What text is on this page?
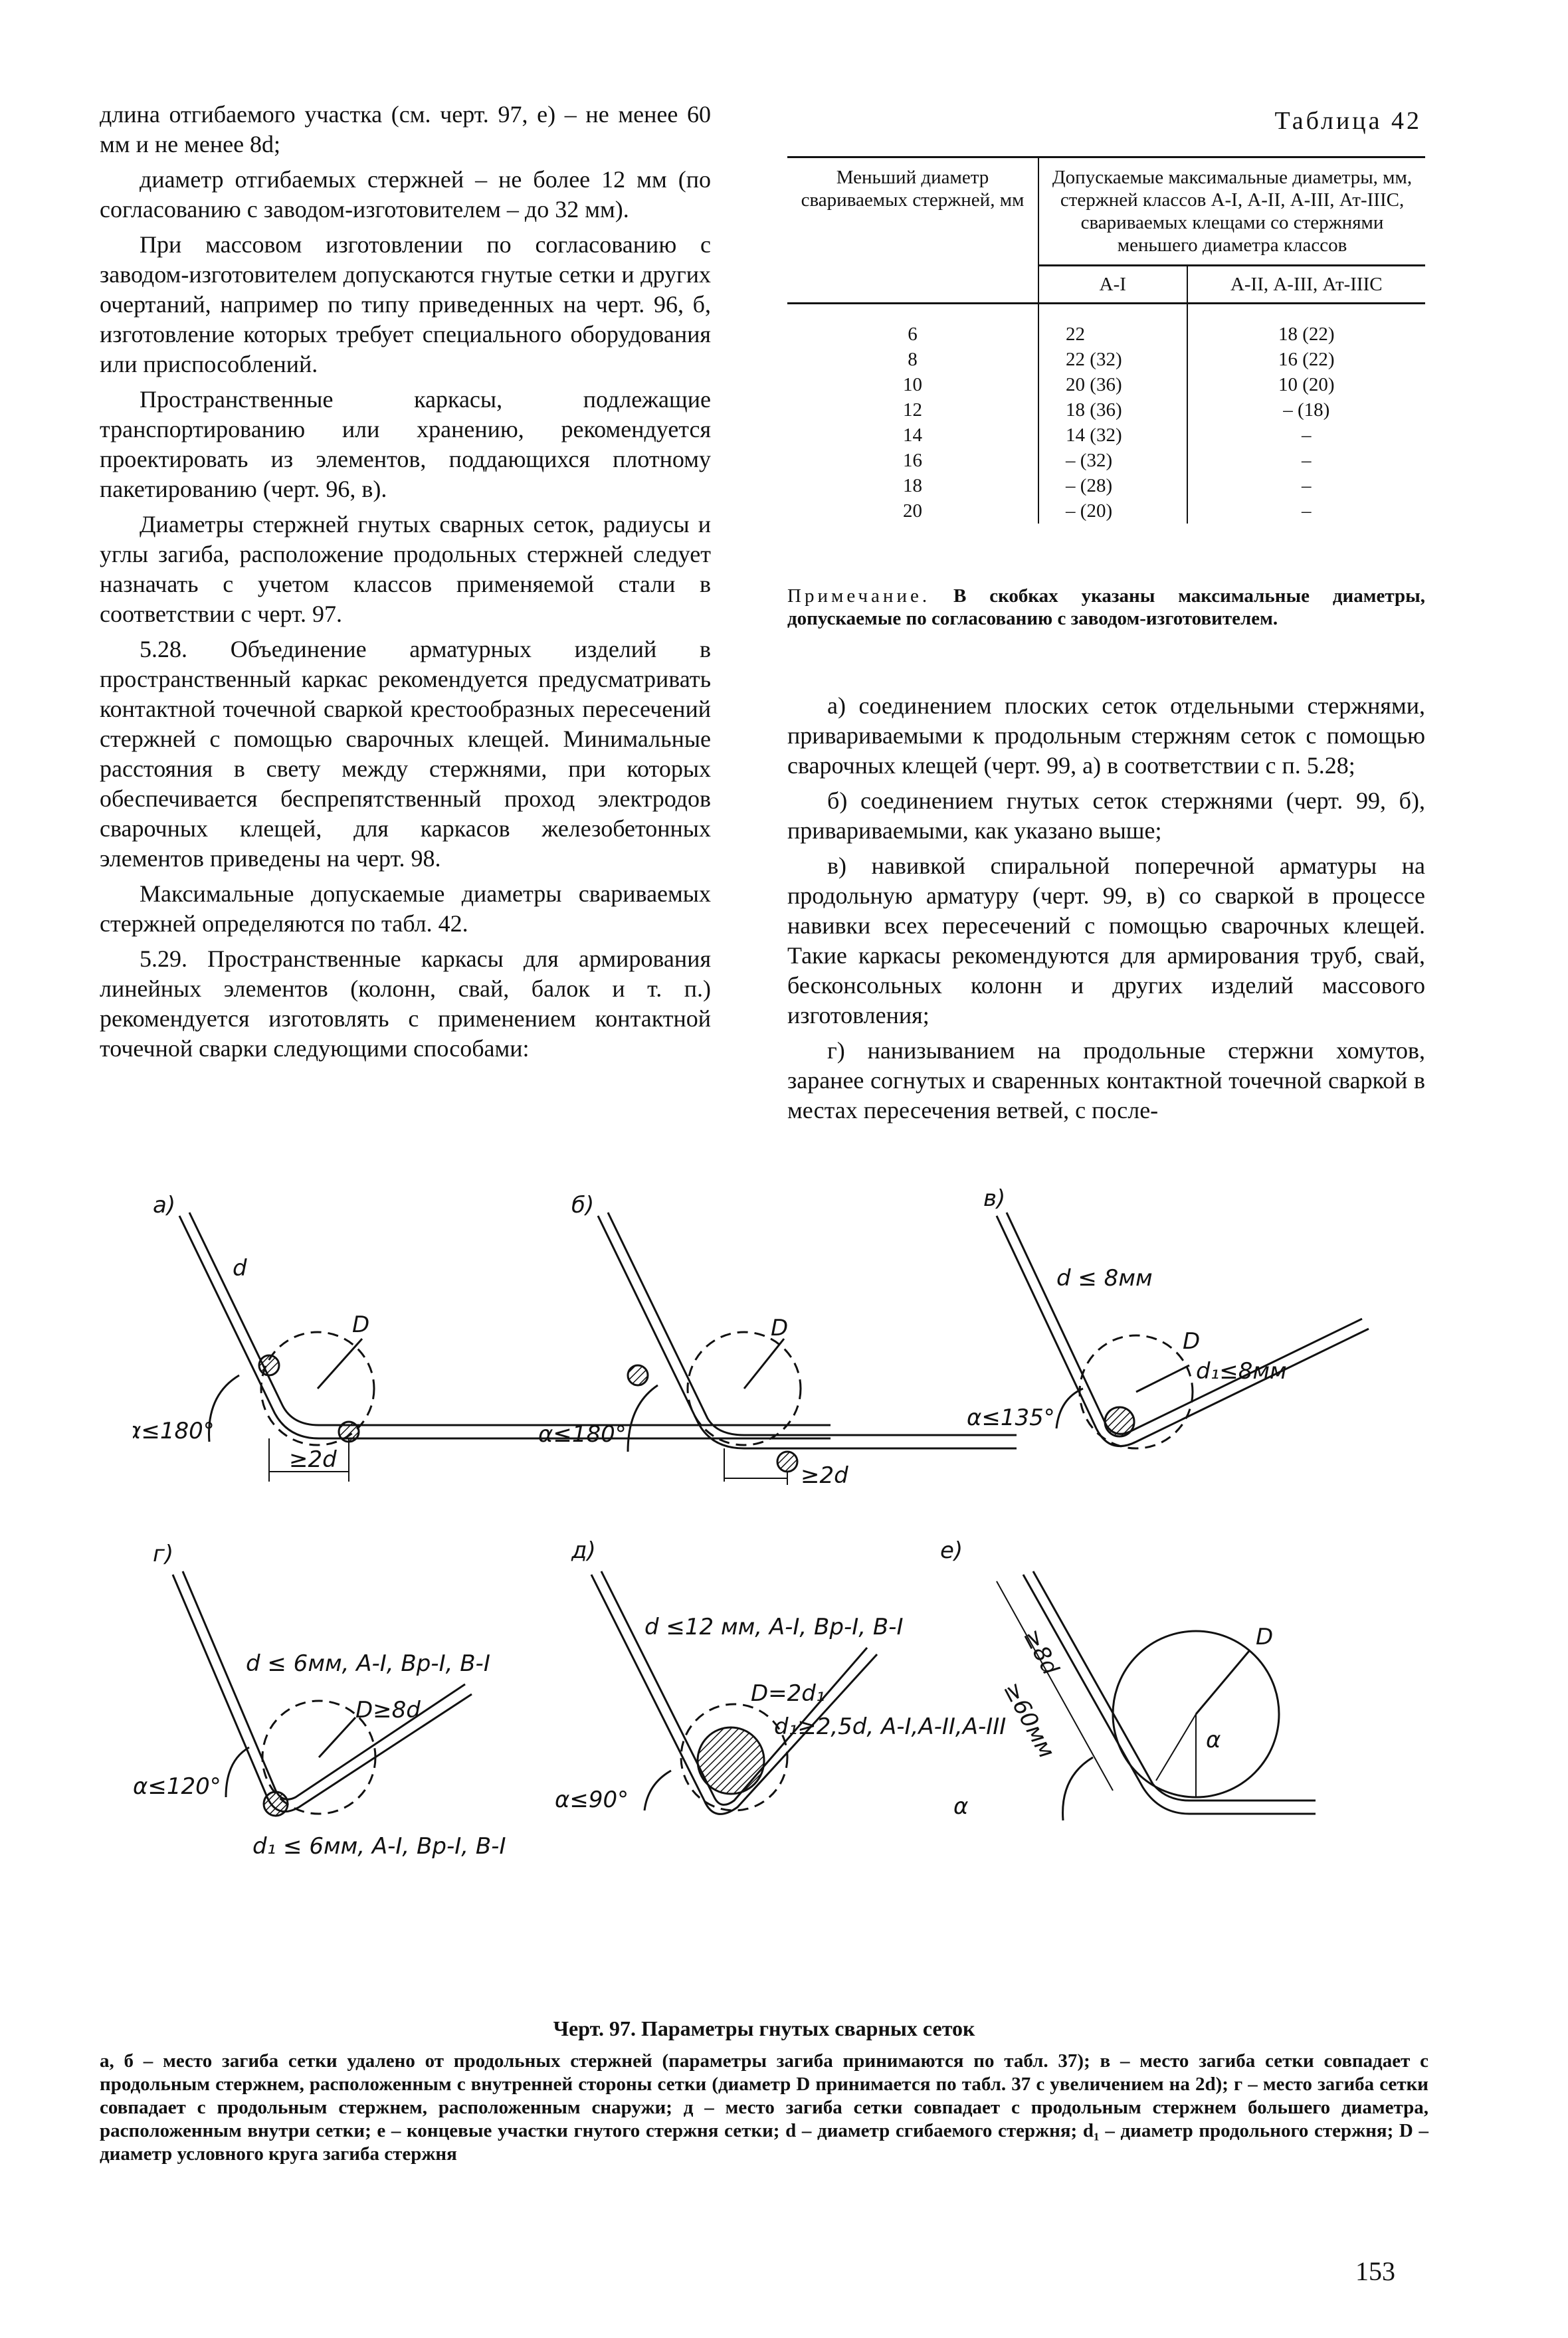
длина отгибаемого участка (см. черт. 97, е) – не менее 60 мм и не менее 8d;

диаметр отгибаемых стержней – не более 12 мм (по согласованию с заводом-изготовителем – до 32 мм).

При массовом изготовлении по согласованию с заводом-изготовителем допускаются гнутые сетки и других очертаний, например по типу приведенных на черт. 96, б, изготовление которых требует специального оборудования или приспособлений.

Пространственные каркасы, подлежащие транспортированию или хранению, рекомендуется проектировать из элементов, поддающихся плотному пакетированию (черт. 96, в).

Диаметры стержней гнутых сварных сеток, радиусы и углы загиба, расположение продольных стержней следует назначать с учетом классов применяемой стали в соответствии с черт. 97.

5.28. Объединение арматурных изделий в пространственный каркас рекомендуется предусматривать контактной точечной сваркой крестообразных пересечений стержней с помощью сварочных клещей. Минимальные расстояния в свету между стержнями, при которых обеспечивается беспрепятственный проход электродов сварочных клещей, для каркасов железобетонных элементов приведены на черт. 98.

Максимальные допускаемые диаметры свариваемых стержней определяются по табл. 42.

5.29. Пространственные каркасы для армирования линейных элементов (колонн, свай, балок и т. п.) рекомендуется изготовлять с применением контактной точечной сварки следующими способами:

Таблица 42
Меньший диаметр свариваемых стержней, мм	Допускаемые максимальные диаметры, мм, стержней классов А-I, А-II, А-III, Ат-IIIС, свариваемых клещами со стержнями меньшего диаметра классов	
	А-I	А-II, А-III, Ат-IIIС
6	22	18 (22)
8	22 (32)	16 (22)
10	20 (36)	10 (20)
12	18 (36)	– (18)
14	14 (32)	–
16	– (32)	–
18	– (28)	–
20	– (20)	–
Примечание. В скобках указаны максимальные диаметры, допускаемые по согласованию с заводом-изготовителем.

а) соединением плоских сеток отдельными стержнями, привариваемыми к продольным стержням сеток с помощью сварочных клещей (черт. 99, а) в соответствии с п. 5.28;

б) соединением гнутых сеток стержнями (черт. 99, б), привариваемыми, как указано выше;

в) навивкой спиральной поперечной арматуры на продольную арматуру (черт. 99, в) со сваркой в процессе навивки всех пересечений с помощью сварочных клещей. Такие каркасы рекомендуются для армирования труб, свай, бесконсольных колонн и других изделий массового изготовления;

г) нанизыванием на продольные стержни хомутов, заранее согнутых и сваренных контактной точечной сваркой в местах пересечения ветвей, с после-

а)
d
D
α≤180°
≥2d
б)
D
α≤180°
≥2d
в)
d ≤ 8мм
D
d₁≤8мм
α≤135°
г)
d ≤ 6мм, А-I, Вр-I, В-I
D≥8d
α≤120°
d₁ ≤ 6мм, А-I, Вр-I, В-I
д)
d ≤12 мм, А-I, Вр-I, В-I
D=2d₁
d₁≥2,5d, А-I,А-II,А-III
α≤90°
е)
≥8d
≥60мм
D
α
α
Черт. 97. Параметры гнутых сварных сеток
а, б – место загиба сетки удалено от продольных стержней (параметры загиба принимаются по табл. 37); в – место загиба сетки совпадает с продольным стержнем, расположенным с внутренней стороны сетки (диаметр D принимается по табл. 37 с увеличением на 2d); г – место загиба сетки совпадает с продольным стержнем, расположенным снаружи; д – место загиба сетки совпадает с продольным стержнем большего диаметра, расположенным внутри сетки; е – концевые участки гнутого стержня сетки; d – диаметр сгибаемого стержня; d₁ – диаметр продольного стержня; D – диаметр условного круга загиба стержня
153
